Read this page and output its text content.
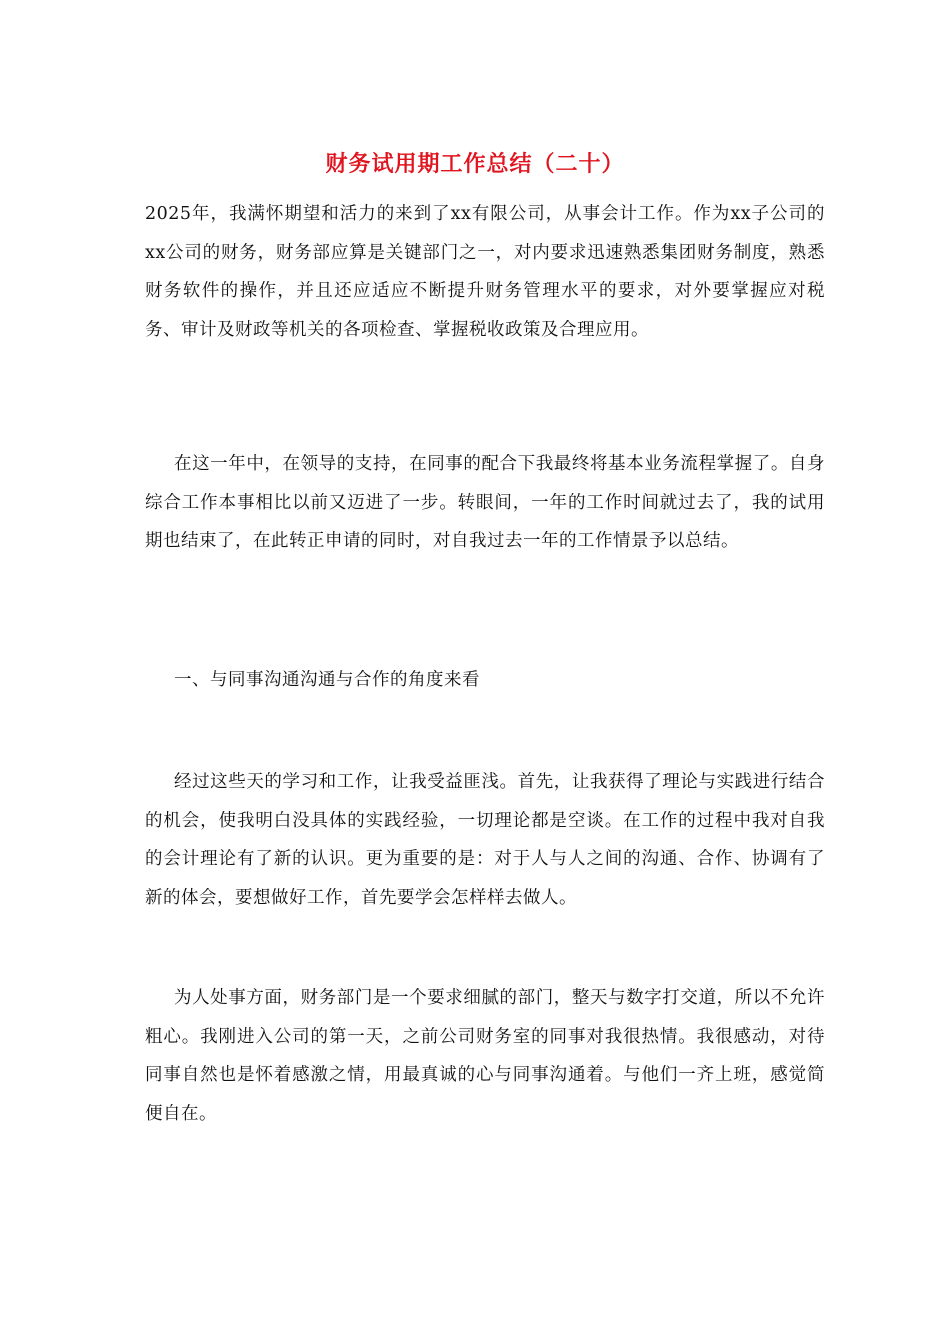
财务试用期工作总结（二十）
2025年，我满怀期望和活力的来到了xx有限公司，从事会计工作。作为xx子公司的xx公司的财务，财务部应算是关键部门之一，对内要求迅速熟悉集团财务制度，熟悉财务软件的操作，并且还应适应不断提升财务管理水平的要求，对外要掌握应对税务、审计及财政等机关的各项检查、掌握税收政策及合理应用。
在这一年中，在领导的支持，在同事的配合下我最终将基本业务流程掌握了。自身综合工作本事相比以前又迈进了一步。转眼间，一年的工作时间就过去了，我的试用期也结束了，在此转正申请的同时，对自我过去一年的工作情景予以总结。
一、与同事沟通沟通与合作的角度来看
经过这些天的学习和工作，让我受益匪浅。首先，让我获得了理论与实践进行结合的机会，使我明白没具体的实践经验，一切理论都是空谈。在工作的过程中我对自我的会计理论有了新的认识。更为重要的是：对于人与人之间的沟通、合作、协调有了新的体会，要想做好工作，首先要学会怎样样去做人。
为人处事方面，财务部门是一个要求细腻的部门，整天与数字打交道，所以不允许粗心。我刚进入公司的第一天，之前公司财务室的同事对我很热情。我很感动，对待同事自然也是怀着感激之情，用最真诚的心与同事沟通着。与他们一齐上班，感觉简便自在。
